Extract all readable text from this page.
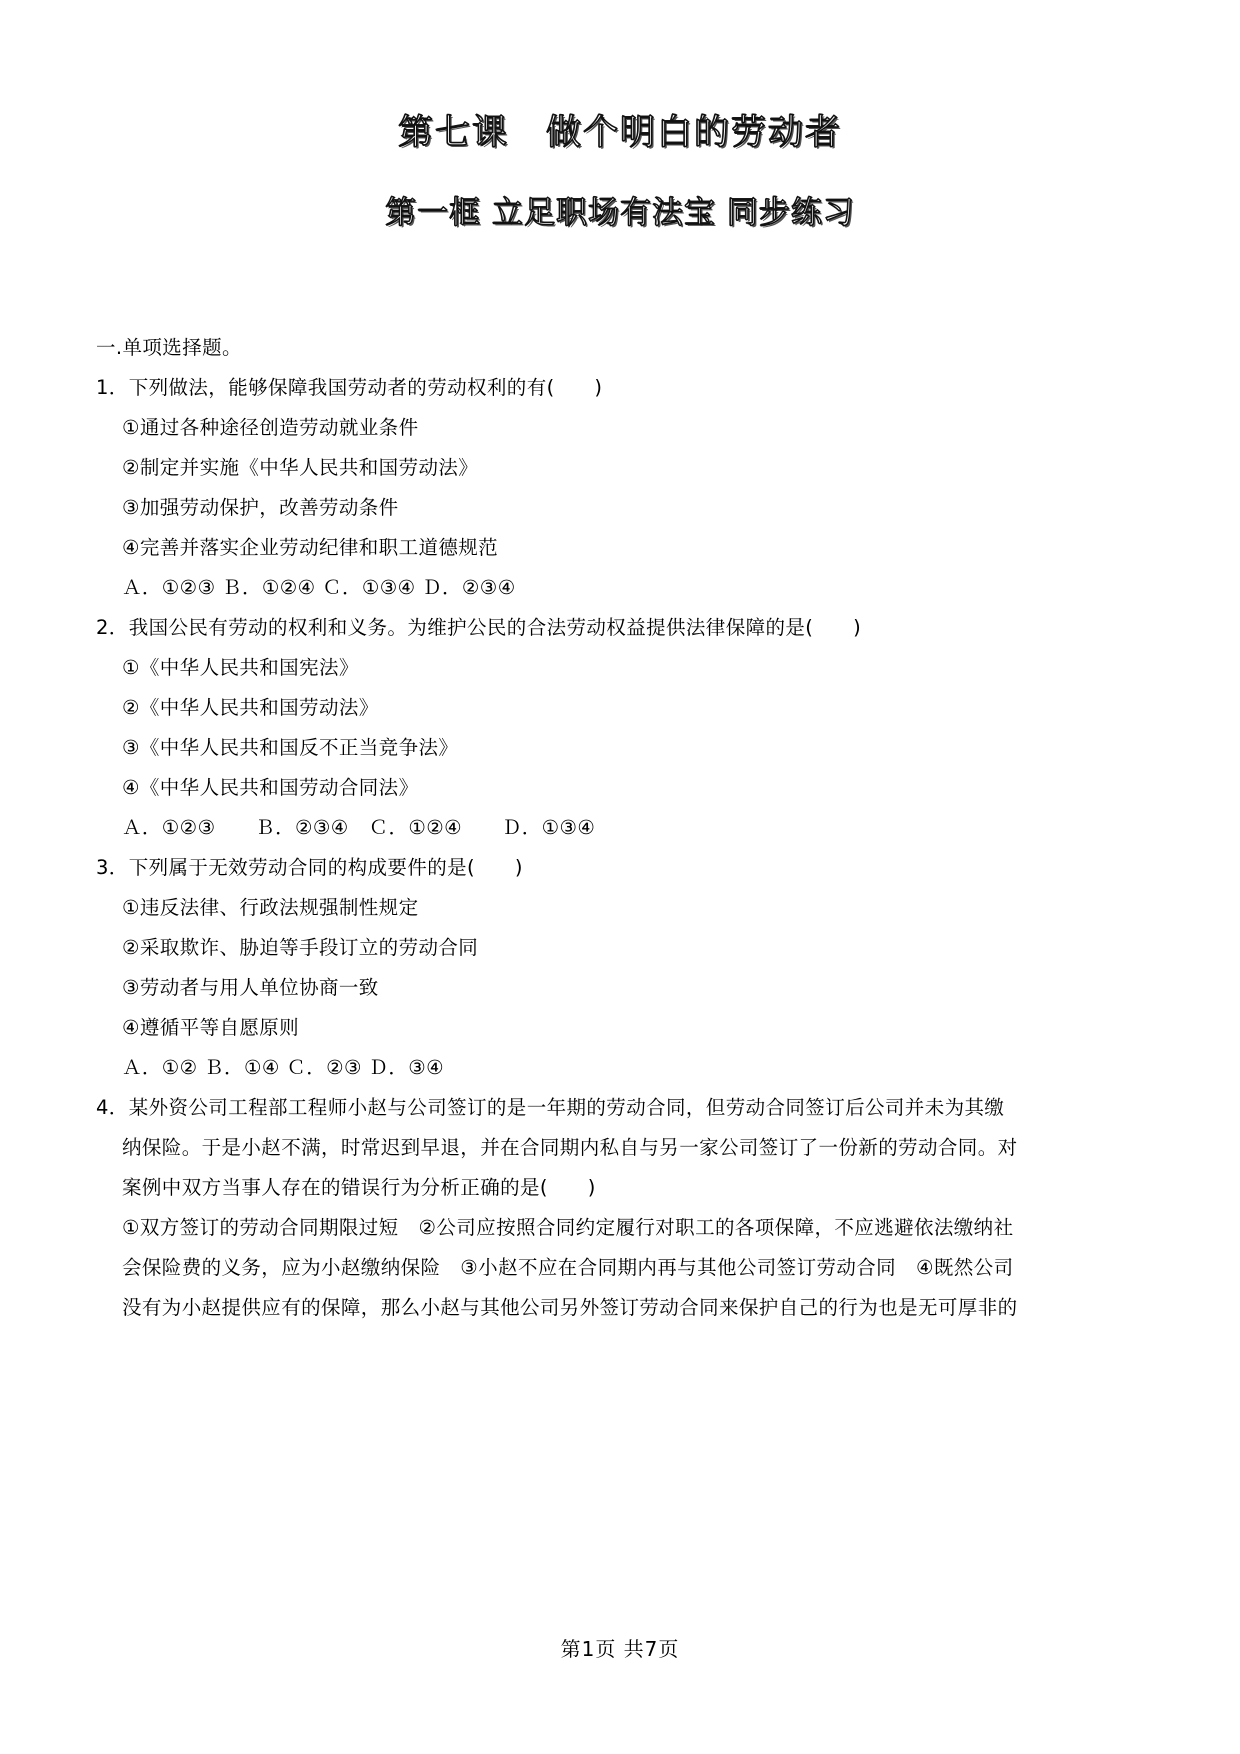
第七课　做个明白的劳动者
第一框 立足职场有法宝 同步练习
一.单项选择题。
1．下列做法，能够保障我国劳动者的劳动权利的有(　　)
①通过各种途径创造劳动就业条件
②制定并实施《中华人民共和国劳动法》
③加强劳动保护，改善劳动条件
④完善并落实企业劳动纪律和职工道德规范
Ａ．①②③ Ｂ．①②④ Ｃ．①③④ Ｄ．②③④
2．我国公民有劳动的权利和义务。为维护公民的合法劳动权益提供法律保障的是(　　)
①《中华人民共和国宪法》
②《中华人民共和国劳动法》
③《中华人民共和国反不正当竞争法》
④《中华人民共和国劳动合同法》
Ａ．①②③　　Ｂ．②③④　Ｃ．①②④　　Ｄ．①③④
3．下列属于无效劳动合同的构成要件的是(　　)
①违反法律、行政法规强制性规定
②采取欺诈、胁迫等手段订立的劳动合同
③劳动者与用人单位协商一致
④遵循平等自愿原则
Ａ．①② Ｂ．①④ Ｃ．②③ Ｄ．③④
4．某外资公司工程部工程师小赵与公司签订的是一年期的劳动合同，但劳动合同签订后公司并未为其缴
纳保险。于是小赵不满，时常迟到早退，并在合同期内私自与另一家公司签订了一份新的劳动合同。对
案例中双方当事人存在的错误行为分析正确的是(　　)
①双方签订的劳动合同期限过短　②公司应按照合同约定履行对职工的各项保障，不应逃避依法缴纳社
会保险费的义务，应为小赵缴纳保险　③小赵不应在合同期内再与其他公司签订劳动合同　④既然公司
没有为小赵提供应有的保障，那么小赵与其他公司另外签订劳动合同来保护自己的行为也是无可厚非的
第1页 共7页
